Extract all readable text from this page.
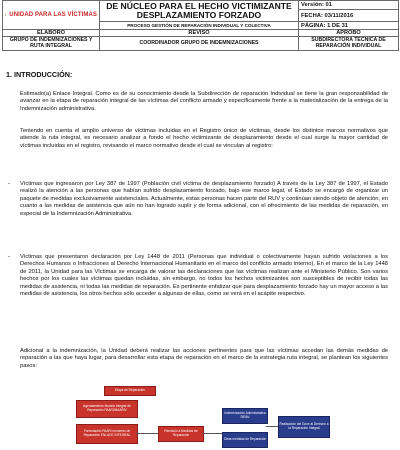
UNIDAD PARA LAS VÍCTIMAS	DE NÚCLEO PARA EL HECHO VICTIMIZANTE
DESPLAZAMIENTO FORZADO	Versión: 01
		FECHA: 03/11/2016
	PROCESO GESTIÓN DE REPARACIÓN INDIVIDUAL Y COLECTIVA	PÁGINA: 1 DE 31
ELABORÓ	REVISÓ	APROBÓ
GRUPO DE INDEMNIZACIONES Y RUTA INTEGRAL	COORDINADOR GRUPO DE INDEMNIZACIONES	SUBDIRECTORA TÉCNICA DE REPARACIÓN INDIVIDUAL
1. INTRODUCCIÓN:
Estimado(a) Enlace Integral. Como es de su conocimiento desde la Subdirección de reparación Individual se tiene la gran responsabilidad de avanzar en la etapa de reparación integral de las víctimas del conflicto armado y específicamente frente a la materialización de la entrega de la Indemnización administrativa.
Teniendo en cuenta el amplio universo de víctimas incluidas en el Registro único de víctimas, desde los distintos marcos normativos que atiende la ruta integral, es necesario analizar a fondo el hecho victimizante de desplazamiento desde el cual surge la mayor cantidad de víctimas incluidas en el registro, revisando el marco normativo desde el cual se vinculan al registro:
- Víctimas que ingresaron por Ley 387 de 1997 (Población civil víctima de desplazamiento forzado) A través de la Ley 387 de 1997, el Estado realizó la atención a las personas que habían sufrido desplazamiento forzado, bajo ese marco legal, el Estado se encargó de organizar un paquete de medidas exclusivamente asistenciales. Actualmente, estas personas hacen parte del RUV y continúan siendo objeto de atención, en cuanto a las medidas de asistencia que aún no han logrado suplir y de forma adicional, con el ofrecimiento de las medidas de reparación, en especial de la Indemnización Administrativa.
- Víctimas que presentaron declaración por Ley 1448 de 2011 (Personas que individual o colectivamente hayan sufrido violaciones a los Derechos Humanos o Infracciones al Derecho Internacional Humanitario en el marco del conflicto armado interno), En el marco de la Ley 1448 de 2011, la Unidad para las Víctimas se encarga de valorar las declaraciones que las víctimas realizan ante el Ministerio Público. Son varios hechos por los cuales las víctimas quedan incluidas, sin embargo, no todos los hechos victimizantes son susceptibles de recibir todas las medidas de asistencia, ni todas las medidas de reparación. Es pertinente enfatizar que para desplazamiento forzado hay un mayor acceso a las medidas de asistencia, los otros hechos sólo acceder a algunas de ellas, como se verá en el acápite respectivo.
Adicional a la indemnización, la Unidad deberá realizar las acciones pertinentes para que las víctimas accedan las demás medidas de reparación a las que haya lugar, para desarrollar esta etapa de reparación en el marco de la estrategia ruta integral, se plantean los siguientes pasos:
Etapa de Reparación
Agendamiento Modelo integral de Reparación PAARI/MAARIV
Formulación PAARI momento de Reparación ENLACE INTEGRAL
Remisión a Medidas de Reparación
Indemnización Administrativa SIRAV
Otras medidas de Reparación
Realización del Goce al Derecho a la Reparación Integral
